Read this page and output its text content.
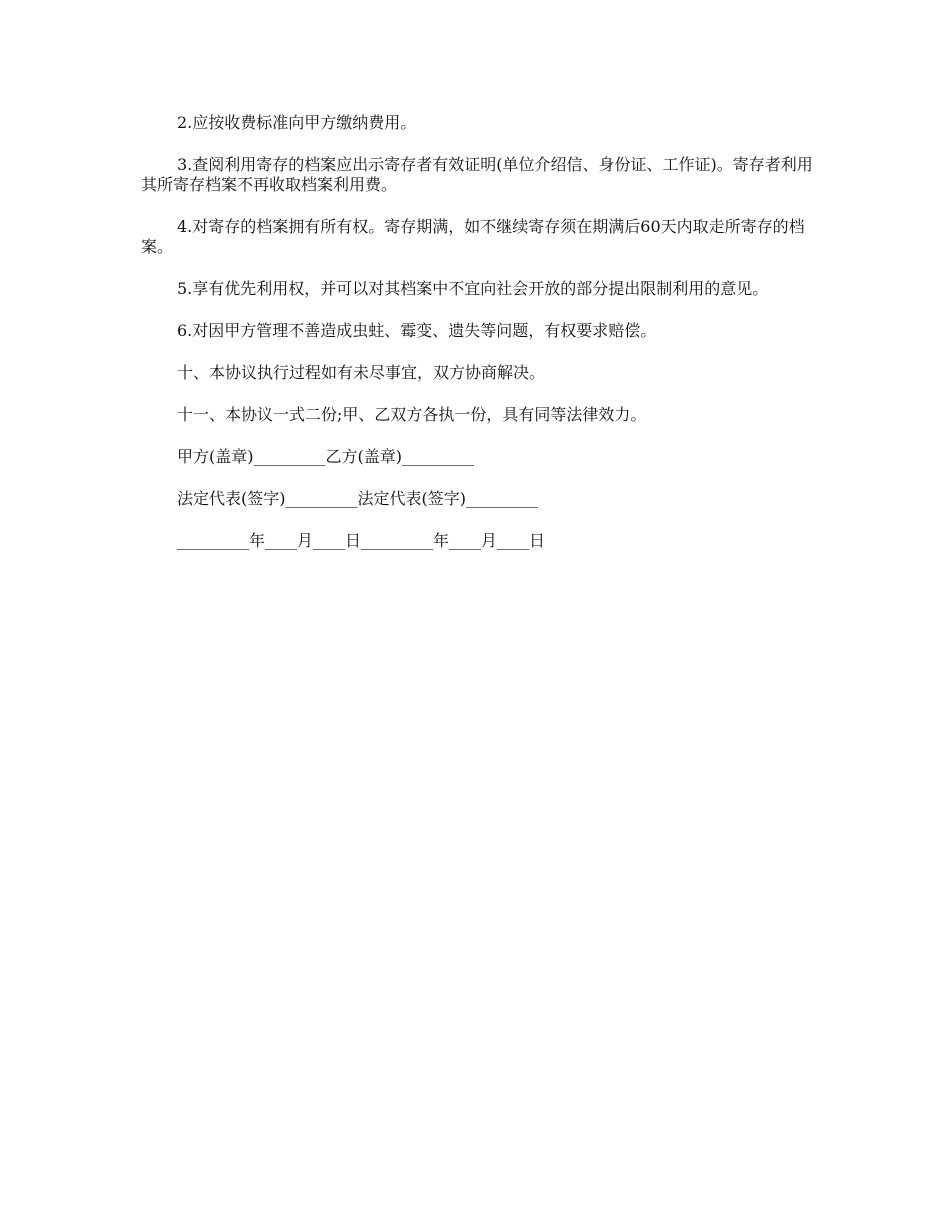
2.应按收费标准向甲方缴纳费用。

3.查阅利用寄存的档案应出示寄存者有效证明(单位介绍信、身份证、工作证)。寄存者利用其所寄存档案不再收取档案利用费。

4.对寄存的档案拥有所有权。寄存期满，如不继续寄存须在期满后60天内取走所寄存的档案。

5.享有优先利用权，并可以对其档案中不宜向社会开放的部分提出限制利用的意见。

6.对因甲方管理不善造成虫蛀、霉变、遗失等问题，有权要求赔偿。

十、本协议执行过程如有未尽事宜，双方协商解决。

十一、本协议一式二份;甲、乙双方各执一份，具有同等法律效力。

甲方(盖章)_________乙方(盖章)_________

法定代表(签字)_________法定代表(签字)_________

_________年____月____日_________年____月____日
